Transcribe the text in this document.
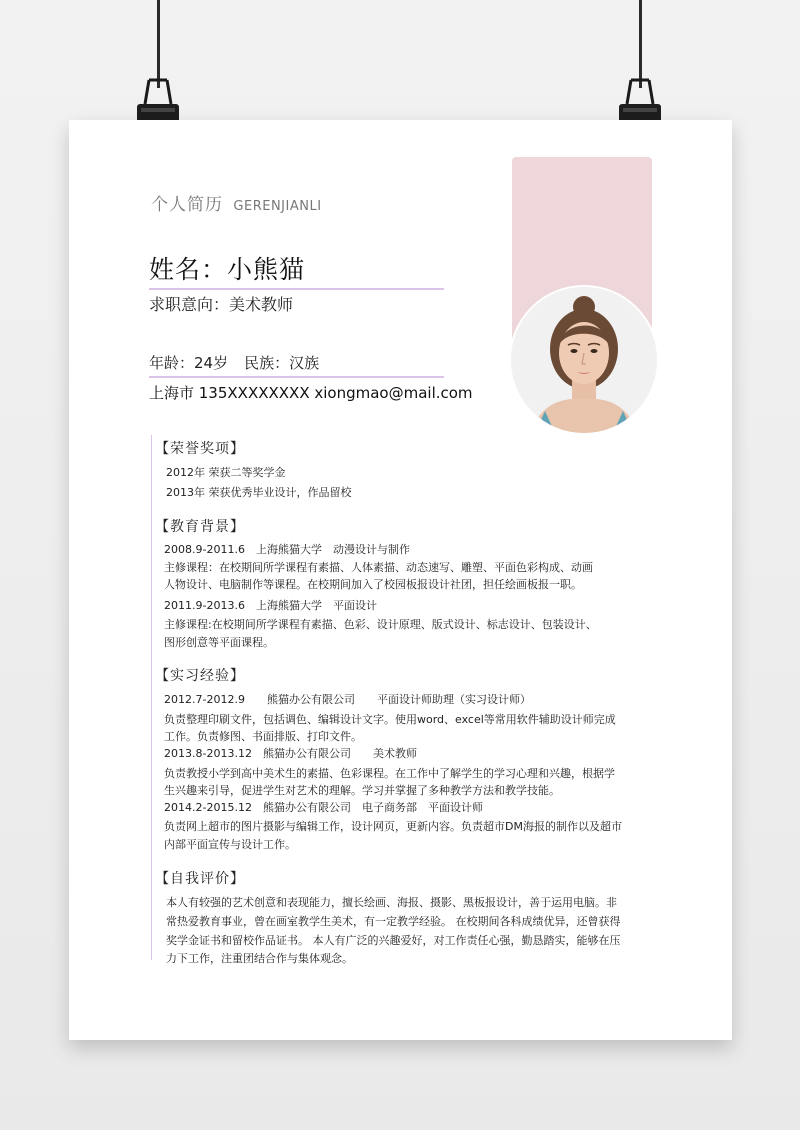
个人简历 GERENJIANLI
姓名：小熊猫
求职意向：美术教师
年龄：24岁 民族：汉族
上海市 135XXXXXXXX xiongmao@mail.com
【荣誉奖项】
2012年 荣获二等奖学金
2013年 荣获优秀毕业设计，作品留校
【教育背景】
2008.9-2011.6　上海熊猫大学　动漫设计与制作
主修课程：在校期间所学课程有素描、人体素描、动态速写、雕塑、平面色彩构成、动画
人物设计、电脑制作等课程。在校期间加入了校园板报设计社团，担任绘画板报一职。
2011.9-2013.6　上海熊猫大学　平面设计
主修课程:在校期间所学课程有素描、色彩、设计原理、版式设计、标志设计、包装设计、
图形创意等平面课程。
【实习经验】
2012.7-2012.9　　熊猫办公有限公司　　平面设计师助理（实习设计师）
负责整理印刷文件，包括调色、编辑设计文字。使用word、excel等常用软件辅助设计师完成
工作。负责修图、书面排版、打印文件。
2013.8-2013.12　熊猫办公有限公司　　美术教师
负责教授小学到高中美术生的素描、色彩课程。在工作中了解学生的学习心理和兴趣，根据学
生兴趣来引导，促进学生对艺术的理解。学习并掌握了多种教学方法和教学技能。
2014.2-2015.12　熊猫办公有限公司　电子商务部　平面设计师
负责网上超市的图片摄影与编辑工作，设计网页，更新内容。负责超市DM海报的制作以及超市
内部平面宣传与设计工作。
【自我评价】
本人有较强的艺术创意和表现能力，擅长绘画、海报、摄影、黑板报设计，善于运用电脑。非
常热爱教育事业，曾在画室教学生美术，有一定教学经验。 在校期间各科成绩优异，还曾获得
奖学金证书和留校作品证书。 本人有广泛的兴趣爱好，对工作责任心强，勤恳踏实，能够在压
力下工作，注重团结合作与集体观念。
